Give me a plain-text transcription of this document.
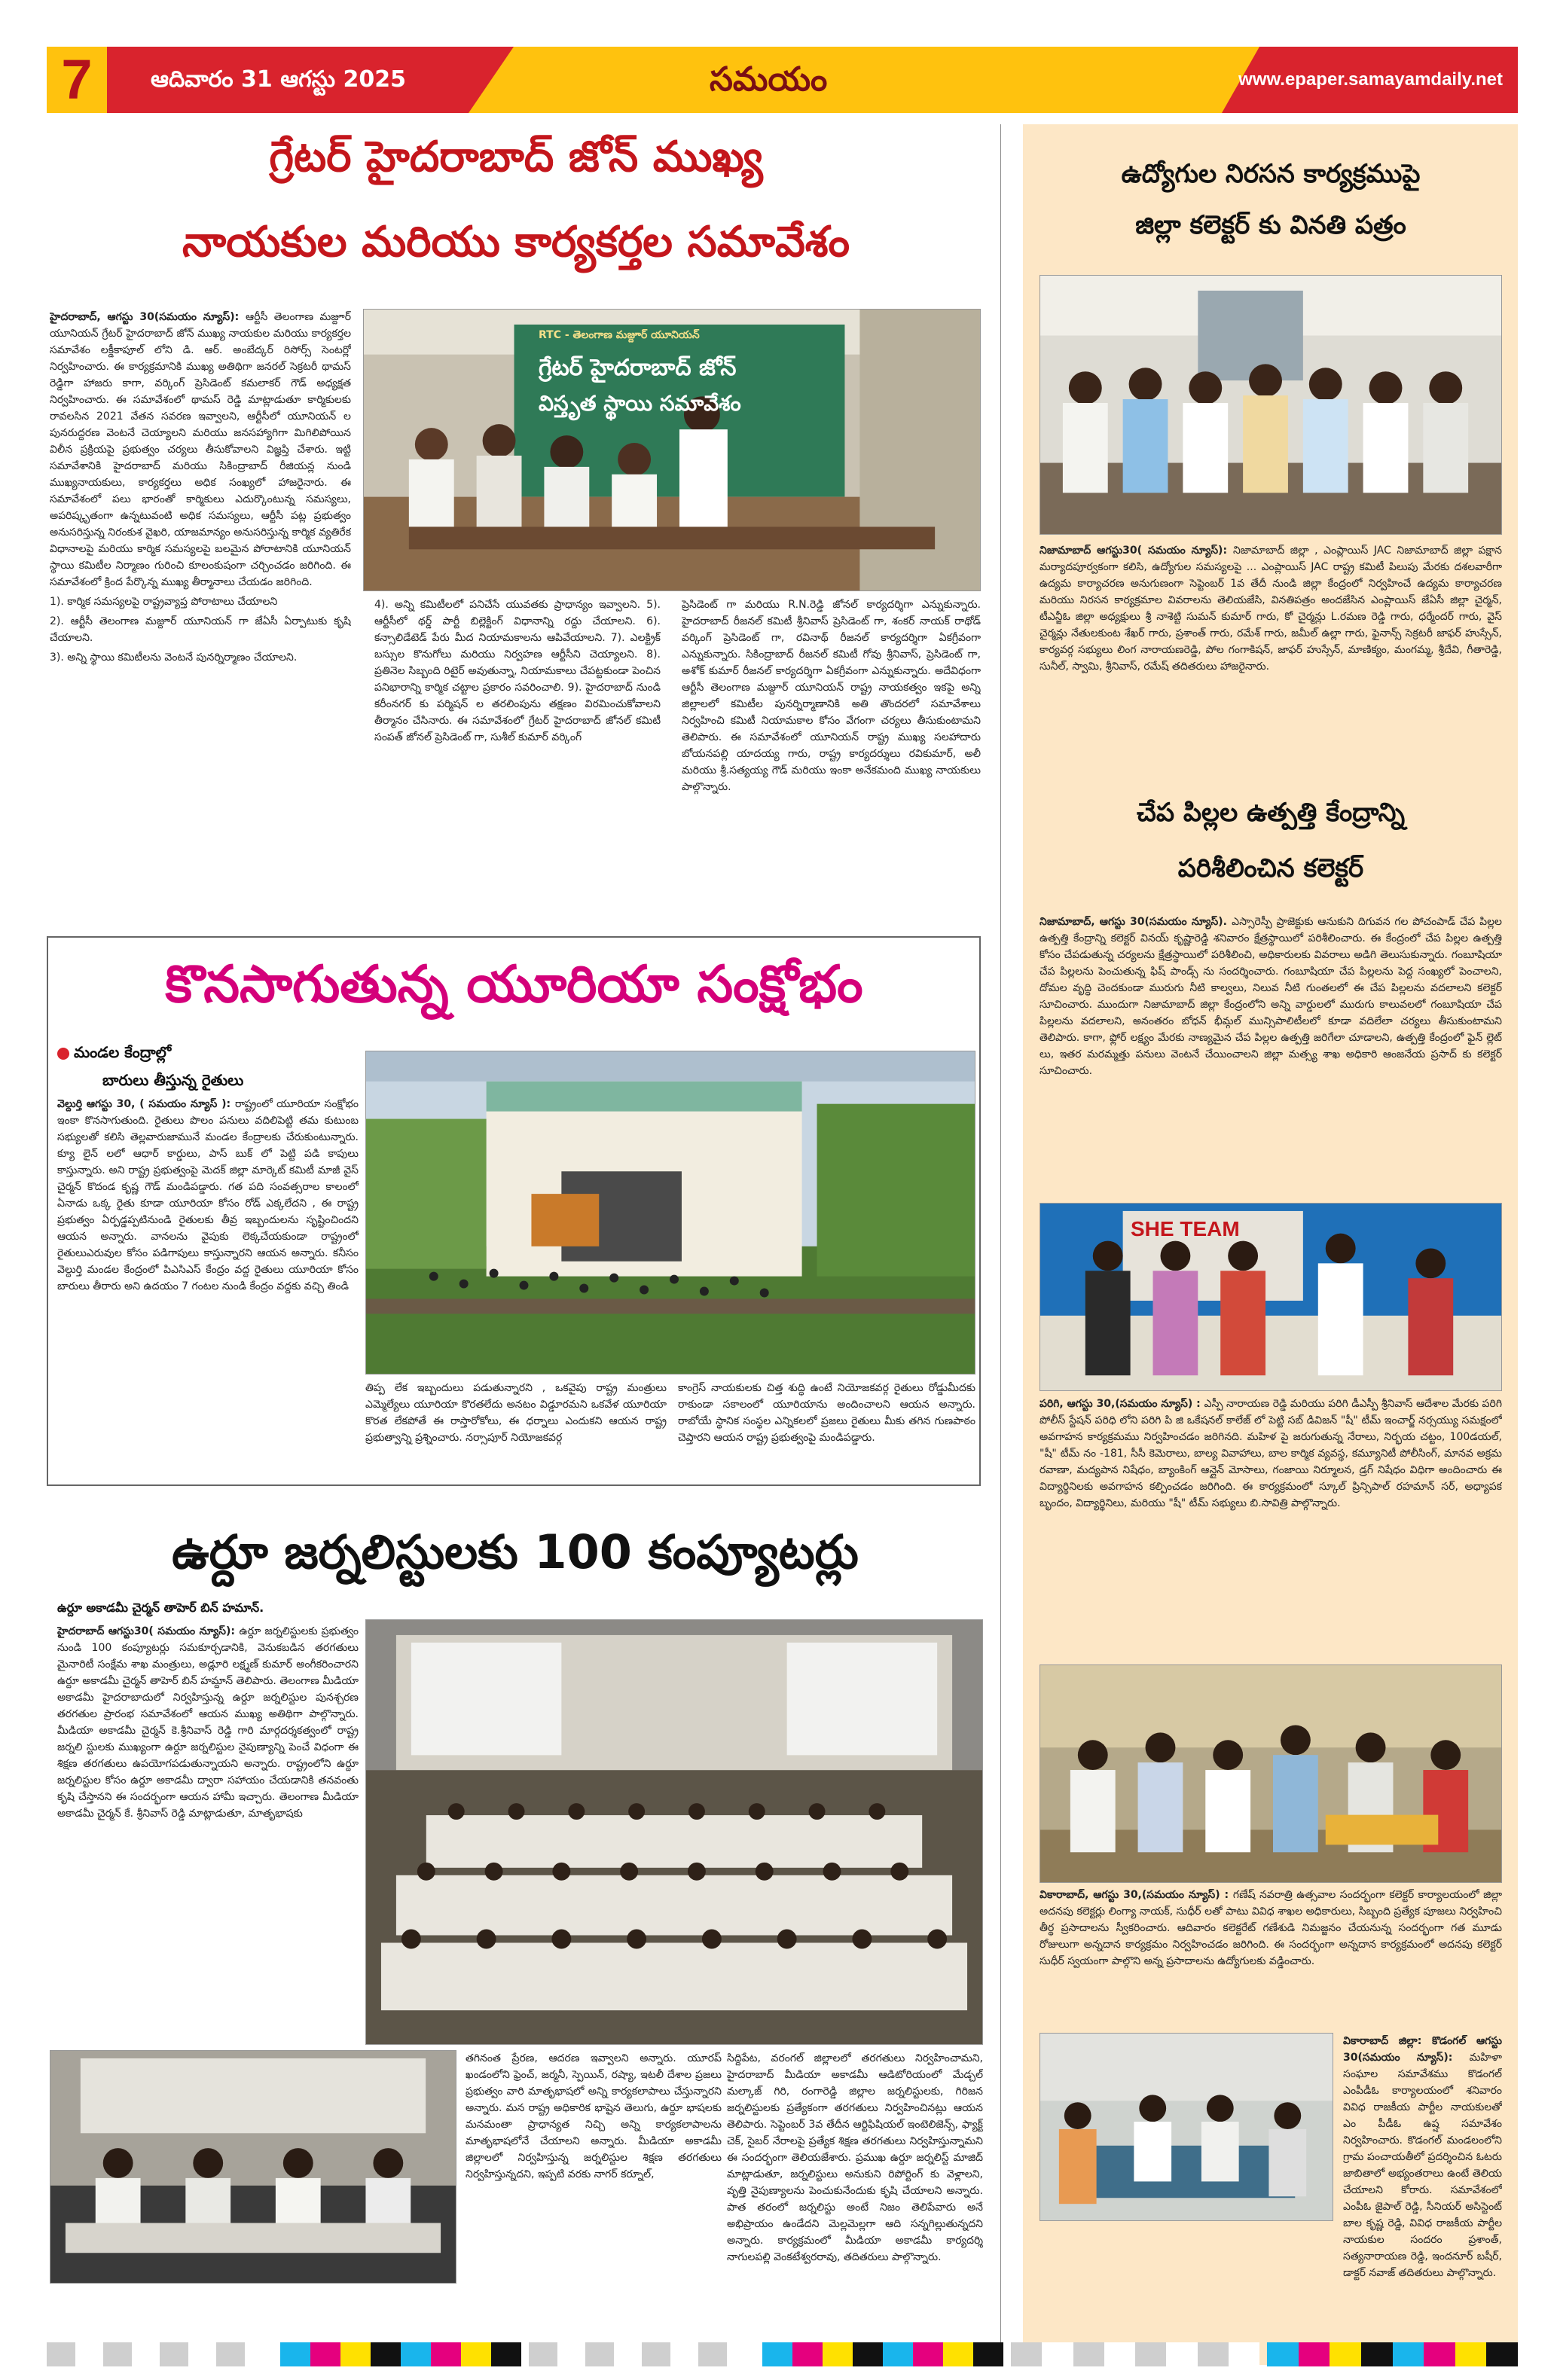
7	ఆదివారం 31 ఆగస్టు 2025	సమయం	www.epaper.samayamdaily.net
గ్రేటర్ హైదరాబాద్ జోన్ ముఖ్య
నాయకుల మరియు కార్యకర్తల సమావేశం
హైదరాబాద్, ఆగస్టు 30(సమయం న్యూస్): ఆర్టీసీ తెలంగాణ మజ్దూర్ యూనియన్ గ్రేటర్ హైదరాబాద్ జోన్ ముఖ్య నాయకుల మరియు కార్యకర్తల సమావేశం లక్డీకాపూల్ లోని డి. ఆర్. అంబేద్కర్ రిసోర్స్ సెంటర్లో నిర్వహించారు. ఈ కార్యక్రమానికి ముఖ్య అతిథిగా జనరల్ సెక్రటరీ థామస్ రెడ్డిగా హాజరు కాగా, వర్కింగ్ ప్రెసిడెంట్ కమలాకర్ గౌడ్ అధ్యక్షత నిర్వహించారు. ఈ సమావేశంలో థామస్ రెడ్డి మాట్లాడుతూ కార్మికులకు రావలసిన 2021 వేతన సవరణ ఇవ్వాలని, ఆర్టీసీలో యూనియన్ ల పునరుద్దరణ వెంటనే చెయ్యాలని మరియు జనసహ్యాగిగా మిగిలిపోయిన విలీన ప్రక్రియపై ప్రభుత్వం చర్యలు తీసుకోవాలని విజ్ఞప్తి చేశారు. ఇట్టి సమావేశానికి హైదరాబాద్ మరియు సికింద్రాబాద్ రీజియన్ల నుండి ముఖ్యనాయకులు, కార్యకర్తలు అధిక సంఖ్యలో హాజరైనారు. ఈ సమావేశంలో పలు భారంతో కార్మికులు ఎదుర్కొంటున్న సమస్యలు, అపరిష్కృతంగా ఉన్నటువంటి అధిక సమస్యలు, ఆర్టీసీ పట్ల ప్రభుత్వం అనుసరిస్తున్న నిరంకుశ వైఖరి, యాజమాన్యం అనుసరిస్తున్న కార్మిక వ్యతిరేక విధానాలపై మరియు కార్మిక సమస్యలపై బలమైన పోరాటానికి యూనియన్ స్థాయి కమిటీల నిర్మాణం గురించి కూలంకుషంగా చర్చించడం జరిగింది. ఈ సమావేశంలో క్రింద పేర్కొన్న ముఖ్య తీర్మానాలు చేయడం జరిగింది.
1). కార్మిక సమస్యలపై రాష్ట్రవ్యాప్త పోరాటాలు చేయాలని
2). ఆర్టీసీ తెలంగాణ మజ్దూర్ యూనియన్ గా జేఏసీ ఏర్పాటుకు కృషి చేయాలని.
3). అన్ని స్థాయి కమిటీలను వెంటనే పునర్నిర్మాణం చేయాలని.
RTC - తెలంగాణ మజ్దూర్ యూనియన్
గ్రేటర్ హైదరాబాద్ జోన్
విస్తృత స్థాయి సమావేశం
4). అన్ని కమిటీలలో పనిచేసే యువతకు ప్రాధాన్యం ఇవ్వాలని. 5). ఆర్టీసీలో థర్డ్ పార్టీ బిల్లెక్టింగ్ విధానాన్ని రద్దు చేయాలని. 6). కన్సాలిడేటెడ్ పేరు మీద నియామకాలను ఆపివేయాలని. 7). ఎలక్ట్రిక్ బస్సుల కొనుగోలు మరియు నిర్వహణ ఆర్టీసీని చెయ్యాలని. 8). ప్రతినెల సిబ్బంది రిటైర్ అవుతున్నా, నియామకాలు చేపట్టకుండా పెంచిన పనిభారాన్ని కార్మిక చట్టాల ప్రకారం సవరించాలి. 9). హైదరాబాద్ నుండి కరీంనగర్ కు పర్మిషన్ ల తరలింపును తక్షణం విరమించుకోవాలని తీర్మానం చేసినారు. ఈ సమావేశంలో గ్రేటర్ హైదరాబాద్ జోనల్ కమిటీ సంపత్ జోనల్ ప్రెసిడెంట్ గా, సుశీల్ కుమార్ వర్కింగ్
ప్రెసిడెంట్ గా మరియు R.N.రెడ్డి జోనల్ కార్యదర్శిగా ఎన్నుకున్నారు. హైదరాబాద్ రీజనల్ కమిటీ శ్రీనివాస్ ప్రెసిడెంట్ గా, శంకర్ నాయక్ రాథోడ్ వర్కింగ్ ప్రెసిడెంట్ గా, రవినాథ్ రీజనల్ కార్యదర్శిగా ఏకగ్రీవంగా ఎన్నుకున్నారు. సికింద్రాబాద్ రీజనల్ కమిటీ గోవు శ్రీనివాస్, ప్రెసిడెంట్ గా, అశోక్ కుమార్ రీజనల్ కార్యదర్శిగా ఏకగ్రీవంగా ఎన్నుకున్నారు. అదేవిధంగా ఆర్టీసీ తెలంగాణ మజ్దూర్ యూనియన్ రాష్ట్ర నాయకత్వం ఇకపై అన్ని జిల్లాలలో కమిటీల పునర్నిర్మాణానికి అతి తొందరలో సమావేశాలు నిర్వహించి కమిటీ నియామకాల కోసం వేగంగా చర్యలు తీసుకుంటామని తెలిపారు. ఈ సమావేశంలో యూనియన్ రాష్ట్ర ముఖ్య సలహాదారు బోయనపల్లి యాదయ్య గారు, రాష్ట్ర కార్యదర్శులు రవికుమార్, అలీ మరియు శ్రీ.సత్యయ్య గౌడ్ మరియు ఇంకా అనేకమంది ముఖ్య నాయకులు పాల్గొన్నారు.
కొనసాగుతున్న యూరియా సంక్షోభం
మండల కేంద్రాల్లో
బారులు తీస్తున్న రైతులు
వెల్దుర్తి ఆగస్టు 30, ( సమయం న్యూస్ ): రాష్ట్రంలో యూరియా సంక్షోభం ఇంకా కొనసాగుతుంది. రైతులు పొలం పనులు వదిలిపెట్టి తమ కుటుంబ సభ్యులతో కలిసి తెల్లవారుజామునే మండల కేంద్రాలకు చేరుకుంటున్నారు. క్యూ లైన్ లలో ఆధార్ కార్డులు, పాస్ బుక్ లో పెట్టి పడి కాపులు కాస్తున్నారు. అని రాష్ట్ర ప్రభుత్వంపై మెదక్ జిల్లా మార్కెట్ కమిటీ మాజీ వైస్ చైర్మన్ కొదండ కృష్ణ గౌడ్ మండిపడ్డారు. గత పది సంవత్సరాల కాలంలో ఏనాడు ఒక్క రైతు కూడా యూరియా కోసం రోడ్ ఎక్కలేదని , ఈ రాష్ట్ర ప్రభుత్వం ఏర్పడ్డప్పటినుండి రైతులకు తీవ్ర ఇబ్బందులను సృష్టించిందని ఆయన అన్నారు. వానలను వైపుకు లెక్కచేయకుండా రాష్ట్రంలో రైతులుఎరువుల కోసం పడిగాపులు కాస్తున్నారని ఆయన అన్నారు. కనీసం వెల్దుర్తి మండల కేంద్రంలో పిఎసిఎస్ కేంద్రం వద్ద రైతులు యూరియా కోసం బారులు తీరారు అని ఉదయం 7 గంటల నుండి కేంద్రం వద్దకు వచ్చి తిండి
తిప్ప లేక ఇబ్బందులు పడుతున్నారని , ఒకవైపు రాష్ట్ర మంత్రులు ఎమ్మెల్యేలు యూరియా కొరతలేదు అనటం విడ్డూరమని ఒకవేళ యూరియా కొరత లేకపోతే ఈ రాస్తారోకోలు, ఈ ధర్నాలు ఎందుకని ఆయన రాష్ట్ర ప్రభుత్వాన్ని ప్రశ్నించారు. నర్సాపూర్ నియోజకవర్గ
కాంగ్రెస్ నాయకులకు చిత్త శుద్ధి ఉంటే నియోజకవర్గ రైతులు రోడ్డుమీదకు రాకుండా సకాలంలో యూరియాను అందించాలని ఆయన అన్నారు. రాబోయే స్థానిక సంస్థల ఎన్నికలలో ప్రజలు రైతులు మీకు తగిన గుణపాఠం చెప్తారని ఆయన రాష్ట్ర ప్రభుత్వంపై మండిపడ్డారు.
ఉర్దూ జర్నలిస్టులకు 100 కంప్యూటర్లు
ఉర్దూ అకాడమీ చైర్మన్ తాహెర్ బిన్ హమాన్.
హైదరాబాద్ ఆగస్టు30( సమయం న్యూస్): ఉర్దూ జర్నలిస్టులకు ప్రభుత్వం నుండి 100 కంప్యూటర్లు సమకూర్చడానికి, వెనుకబడిన తరగతులు మైనారిటీ సంక్షేమ శాఖ మంత్రులు, అడ్లూరి లక్ష్మణ్ కుమార్ అంగీకరించారని ఉర్దూ అకాడమీ చైర్మన్ తాహెర్ బిన్ హమ్దాన్ తెలిపారు. తెలంగాణ మీడియా అకాడమీ హైదరాబాదులో నిర్వహిస్తున్న ఉర్దూ జర్నలిస్టుల పునశ్చరణ తరగతుల ప్రారంభ సమావేశంలో ఆయన ముఖ్య అతిథిగా పాల్గొన్నారు. మీడియా అకాడమీ చైర్మన్ కె.శ్రీనివాస్ రెడ్డి గారి మార్గదర్శకత్వంలో రాష్ట్ర జర్నలి స్టులకు ముఖ్యంగా ఉర్దూ జర్నలిస్టుల నైపుణ్యాన్ని పెంచే విధంగా ఈ శిక్షణ తరగతులు ఉపయోగపడుతున్నాయని అన్నారు. రాష్ట్రంలోని ఉర్దూ జర్నలిస్టుల కోసం ఉర్దూ అకాడమీ ద్వారా సహాయం చేయడానికి తనవంతు కృషి చేస్తానని ఈ సందర్భంగా ఆయన హామీ ఇచ్చారు. తెలంగాణ మీడియా అకాడమీ చైర్మన్ కే. శ్రీనివాస్ రెడ్డి మాట్లాడుతూ, మాతృభాషకు
తగినంత ప్రేరణ, ఆదరణ ఇవ్వాలని అన్నారు. యూరప్ ఖండంలోని ఫ్రెంచ్, జర్మనీ, స్పెయిన్, రష్యా, ఇటలీ దేశాల ప్రజలు ప్రభుత్వం వారి మాతృభాషలో అన్ని కార్యకలాపాలు చేస్తున్నారని అన్నారు. మన రాష్ట్ర అధికారిక భాషైన తెలుగు, ఉర్దూ భాషలకు మనమంతా ప్రాధాన్యత నిచ్చి అన్ని కార్యకలాపాలను మాతృభాషలోనే చేయాలని అన్నారు. మీడియా అకాడమీ జిల్లాలలో నిర్వహిస్తున్న జర్నలిస్టుల శిక్షణ తరగతులు నిర్వహిస్తున్నదని, ఇప్పటి వరకు నాగర్ కర్నూల్,
సిద్దిపేట, వరంగల్ జిల్లాలలో తరగతులు నిర్వహించామని, హైదరాబాద్ మీడియా అకాడమీ ఆడిటోరియంలో మేడ్చల్ మల్కాజ్ గిరి, రంగారెడ్డి జిల్లాల జర్నలిస్టులకు, గిరిజన జర్నలిస్టులకు ప్రత్యేకంగా తరగతులు నిర్వహించినట్లు ఆయన తెలిపారు. సెప్టెంబర్ 3వ తేదీన ఆర్టిఫిషియల్ ఇంటెలిజెన్స్, ఫ్యాక్ట్ చెక్, సైబర్ నేరాలపై ప్రత్యేక శిక్షణ తరగతులు నిర్వహిస్తున్నామని ఈ సందర్భంగా తెలియజేశారు. ప్రముఖ ఉర్దూ జర్నలిస్ట్ మాజిద్ మాట్లాడుతూ, జర్నలిస్టులు అనుకుని రిపోర్టింగ్ కు వెళ్లాలని, వృత్తి నైపుణ్యాలను పెంచుకునేందుకు కృషి చేయాలని అన్నారు. పాత తరంలో జర్నలిస్టు అంటే నిజం తెలిపేవారు అనే అభిప్రాయం ఉండేదని మెల్లమెల్లగా ఆది సన్నగిల్లుతున్నదని అన్నారు. కార్యక్రమంలో మీడియా అకాడమీ కార్యదర్శి నాగులపల్లి వెంకటేశ్వరరావు, తదితరులు పాల్గొన్నారు.
ఉద్యోగుల నిరసన కార్యక్రముపై
జిల్లా కలెక్టర్ కు వినతి పత్రం
నిజామాబాద్ ఆగస్టు30( సమయం న్యూస్): నిజామాబాద్ జిల్లా , ఎంప్లాయిస్ JAC నిజామాబాద్ జిల్లా పక్షాన మర్యాదపూర్వకంగా కలిసి, ఉద్యోగుల సమస్యలపై ... ఎంప్లాయిస్ JAC రాష్ట్ర కమిటీ పిలుపు మేరకు దశలవారీగా ఉద్యమ కార్యాచరణ అనుగుణంగా సెప్టెంబర్ 1వ తేదీ నుండి జిల్లా కేంద్రంలో నిర్వహించే ఉద్యమ కార్యాచరణ మరియు నిరసన కార్యక్రమాల వివరాలను తెలియజేసి, వినతిపత్రం అందజేసిన ఎంప్లాయిస్ జేఏసీ జిల్లా చైర్మన్, టీఎన్జీఓ జిల్లా అధ్యక్షులు శ్రీ నాశెట్టి సుమన్ కుమార్ గారు, కో చైర్మన్లు L.రమణ రెడ్డి గారు, ధర్మేందర్ గారు, వైస్ చైర్మన్లు నేతులకుంట శేఖర్ గారు, ప్రశాంత్ గారు, రమేశ్ గారు, జమీల్ ఉల్లా గారు, ఫైనాన్స్ సెక్రటరీ జాఫర్ హుస్సేన్, కార్యవర్గ సభ్యులు లింగ నారాయణరెడ్డి, పోల గంగాకిషన్, జాఫర్ హుస్సేన్, మాణిక్యం, మంగమ్మ, శ్రీదేవి, గీతారెడ్డి, సునీల్, స్వామి, శ్రీనివాస్, రమేష్ తదితరులు హాజరైనారు.
చేప పిల్లల ఉత్పత్తి కేంద్రాన్ని
పరిశీలించిన కలెక్టర్
నిజామాబాద్, ఆగస్టు 30(సమయం న్యూస్). ఎస్సారెస్పీ ప్రాజెక్టుకు ఆనుకుని దిగువన గల పోచంపాడ్ చేప పిల్లల ఉత్పత్తి కేంద్రాన్ని కలెక్టర్ వినయ్ కృష్ణారెడ్డి శనివారం క్షేత్రస్థాయిలో పరిశీలించారు. ఈ కేంద్రంలో చేప పిల్లల ఉత్పత్తి కోసం చేపడుతున్న చర్యలను క్షేత్రస్థాయిలో పరిశీలించి, అధికారులకు వివరాలు అడిగి తెలుసుకున్నారు. గంబూషియా చేప పిల్లలను పెంచుతున్న ఫిష్ పాండ్స్ ను సందర్శించారు. గంబూషియా చేప పిల్లలను పెద్ద సంఖ్యలో పెంచాలని, దోమల వృద్ధి చెందకుండా మురుగు నీటి కాల్వలు, నిలువ నీటి గుంతలలో ఈ చేప పిల్లలను వదలాలని కలెక్టర్ సూచించారు. ముందుగా నిజామాబాద్ జిల్లా కేంద్రంలోని అన్ని వార్డులలో మురుగు కాలువలలో గంబూషియా చేప పిల్లలను వదలాలని, అనంతరం బోధన్ భీమ్గల్ మున్సిపాలిటీలలో కూడా వదిలేలా చర్యలు తీసుకుంటామని తెలిపారు. కాగా, ఫ్లోర్ లక్ష్యం మేరకు నాణ్యమైన చేప పిల్లల ఉత్పత్తి జరిగేలా చూడాలని, ఉత్పత్తి కేంద్రంలో ఫైన్ ల్లెట్ లు, ఇతర మరమ్మత్తు పనులు వెంటనే చేయించాలని జిల్లా మత్స్య శాఖ అధికారి ఆంజనేయ ప్రసాద్ కు కలెక్టర్ సూచించారు.
SHE TEAM
పరిగి, ఆగస్టు 30,(సమయం న్యూస్) : ఎస్పీ నారాయణ రెడ్డి మరియు పరిగి డీఎస్పీ శ్రీనివాస్ ఆదేశాల మేరకు పరిగి పోలీస్ స్టేషన్ పరిధి లోని పరిగి పి జి ఒకేషనల్ కాలేజ్ లో పెట్టి సబ్ డివిజన్ "షీ" టీమ్ ఇంచార్జ్ నర్సయ్యు సమక్షంలో అవగాహన కార్యక్రమము నిర్వహించడం జరిగినది. మహిళ పై జరుగుతున్న నేరాలు, నిర్భయ చట్టం, 100డయల్, "షీ" టీమ్ నం -181, సీసీ కెమెరాలు, బాల్య వివాహాలు, బాల కార్మిక వ్యవస్థ, కమ్యూనిటీ పోలీసింగ్, మానవ అక్రమ రవాణా, మద్యపాన నిషేధం, బ్యాంకింగ్ ఆన్లైన్ మోసాలు, గంజాయి నిర్మూలన, డ్రగ్ నిషేధం విధిగా అందించారు ఈ విద్యార్థినిలకు అవగాహన కల్పించడం జరిగింది. ఈ కార్యక్రమంలో స్కూల్ ప్రిన్సిపాల్ రహమాన్ సర్, అధ్యాపక బృందం, విద్యార్థినిలు, మరియు "షీ" టీమ్ సభ్యులు బి.సావిత్రి పాల్గొన్నారు.
వికారాబాద్, ఆగస్టు 30,(సమయం న్యూస్) : గణేష్ నవరాత్రి ఉత్సవాల సందర్భంగా కలెక్టర్ కార్యాలయంలో జిల్లా అదనపు కలెక్టర్లు లింగ్యా నాయక్, సుధీర్ లతో పాటు వివిధ శాఖల అధికారులు, సిబ్బంది ప్రత్యేక పూజలు నిర్వహించి తీర్థ ప్రసాదాలను స్వీకరించారు. ఆదివారం కలెక్టరేట్ గణేశుడి నిమజ్జనం చేయనున్న సందర్భంగా గత మూడు రోజులుగా అన్నదాన కార్యక్రమం నిర్వహించడం జరిగింది. ఈ సందర్భంగా అన్నదాన కార్యక్రమంలో అదనపు కలెక్టర్ సుధీర్ స్వయంగా పాల్గొని అన్న ప్రసాదాలను ఉద్యోగులకు వడ్డించారు.
వికారాబాద్ జిల్లా: కొడంగల్ ఆగస్టు 30(సమయం న్యూస్): మహిళా సంఘాల సమావేశము కొడంగల్ ఎంపీడీఓ కార్యాలయంలో శనివారం వివిధ రాజకీయ పార్టీల నాయకులతో ఎం పీడీఓ ఉష్ష సమావేశం నిర్వహించారు. కొడంగల్ మండలంలోని గ్రామ పంచాయతీలో ప్రదర్శించిన ఓటరు జాబితాలో అభ్యంతరాలు ఉంటే తెలియ చేయాలని కోరారు. సమావేశంలో ఎంపీఓ జైపాల్ రెడ్డి, సీనియర్ అసిస్టెంట్ బాల కృష్ణ రెడ్డి, వివిధ రాజకీయ పార్టీల నాయకుల సందరం ప్రశాంత్, సత్యనారాయణ రెడ్డి, ఇందనూర్ బషీర్, డాక్టర్ నవాజ్ తదితరులు పాల్గొన్నారు.
